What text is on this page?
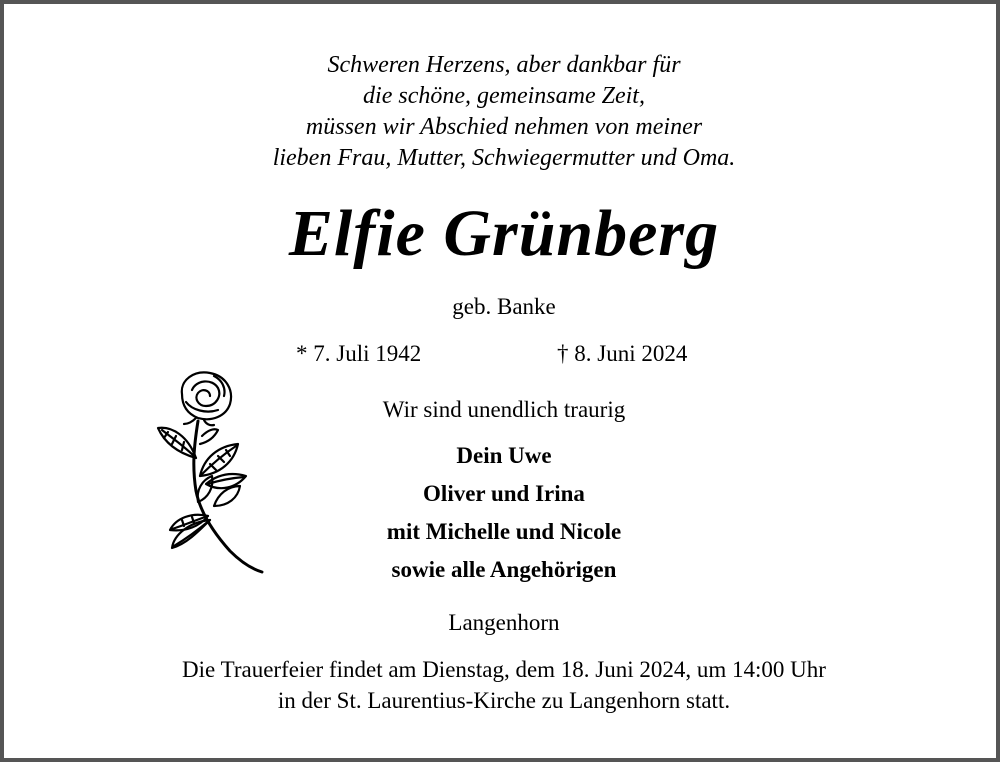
Schweren Herzens, aber dankbar für
die schöne, gemeinsame Zeit,
müssen wir Abschied nehmen von meiner
lieben Frau, Mutter, Schwiegermutter und Oma.
Elfie Grünberg
geb. Banke
* 7. Juli 1942	† 8. Juni 2024
Wir sind unendlich traurig
Dein Uwe
Oliver und Irina
mit Michelle und Nicole
sowie alle Angehörigen
Langenhorn
Die Trauerfeier findet am Dienstag, dem 18. Juni 2024, um 14:00 Uhr
in der St. Laurentius-Kirche zu Langenhorn statt.
